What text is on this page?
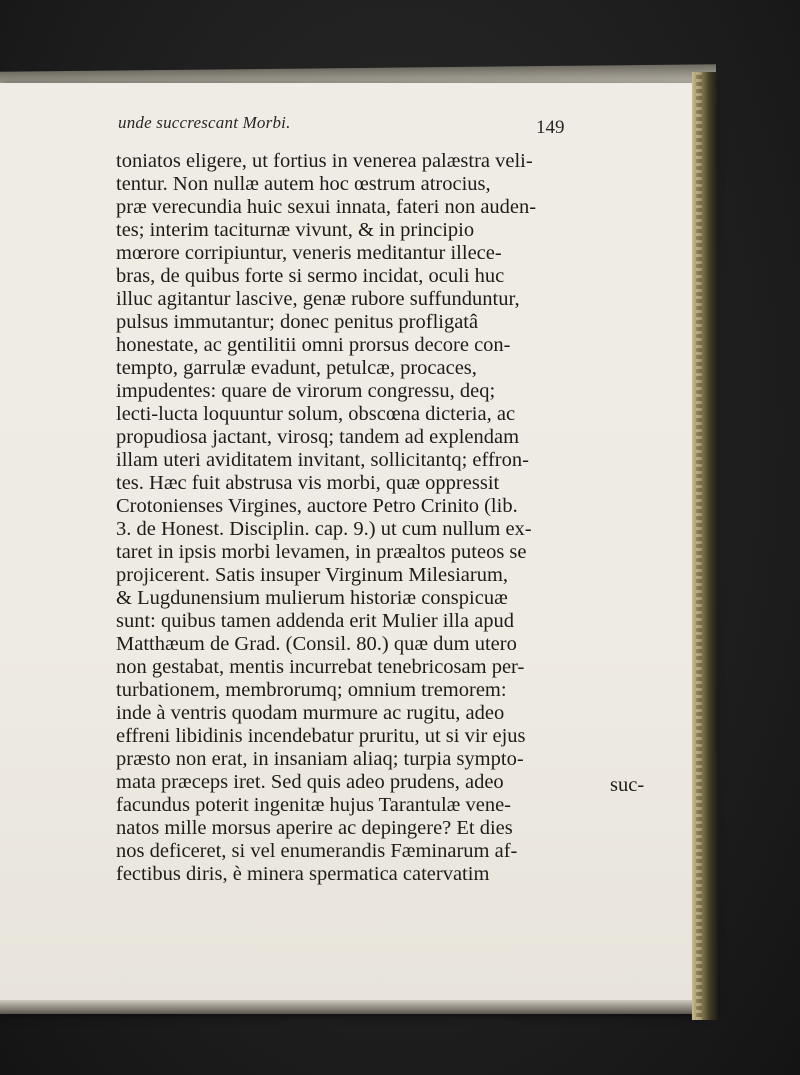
unde succrescant Morbi.	149
toniatos eligere, ut fortius in venerea palæstra veli-
tentur. Non nullæ autem hoc œstrum atrocius,
præ verecundia huic sexui innata, fateri non auden-
tes; interim taciturnæ vivunt, & in principio
mœrore corripiuntur, veneris meditantur illece-
bras, de quibus forte si sermo incidat, oculi huc
illuc agitantur lascive, genæ rubore suffunduntur,
pulsus immutantur; donec penitus profligatâ
honestate, ac gentilitii omni prorsus decore con-
tempto, garrulæ evadunt, petulcæ, procaces,
impudentes: quare de virorum congressu, deq;
lecti-lucta loquuntur solum, obscœna dicteria, ac
propudiosa jactant, virosq; tandem ad explendam
illam uteri aviditatem invitant, sollicitantq; effron-
tes. Hæc fuit abstrusa vis morbi, quæ oppressit
Crotonienses Virgines, auctore Petro Crinito (lib.
3. de Honest. Disciplin. cap. 9.) ut cum nullum ex-
taret in ipsis morbi levamen, in præaltos puteos se
projicerent. Satis insuper Virginum Milesiarum,
& Lugdunensium mulierum historiæ conspicuæ
sunt: quibus tamen addenda erit Mulier illa apud
Matthæum de Grad. (Consil. 80.) quæ dum utero
non gestabat, mentis incurrebat tenebricosam per-
turbationem, membrorumq; omnium tremorem:
inde à ventris quodam murmure ac rugitu, adeo
effreni libidinis incendebatur pruritu, ut si vir ejus
præsto non erat, in insaniam aliaq; turpia sympto-
mata præceps iret. Sed quis adeo prudens, adeo
facundus poterit ingenitæ hujus Tarantulæ vene-
natos mille morsus aperire ac depingere? Et dies
nos deficeret, si vel enumerandis Fæminarum af-
fectibus diris, è minera spermatica catervatim
suc-
